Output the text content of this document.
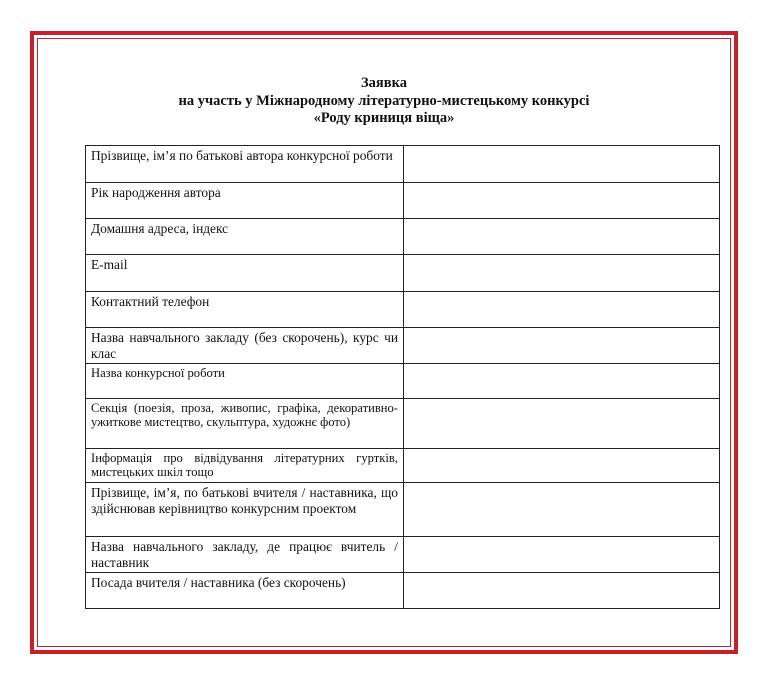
Заявка
на участь у Міжнародному літературно-мистецькому конкурсі
«Роду криниця віща»
Прізвище, ім’я по батькові автора конкурсної роботи	
Рік народження автора	
Домашня адреса, індекс	
E-mail	
Контактний телефон	
Назва навчального закладу (без скорочень), курс чи клас	
Назва конкурсної роботи	
Секція (поезія, проза, живопис, графіка, декоративно-ужиткове мистецтво, скульптура, художнє фото)	
Інформація про відвідування літературних гуртків, мистецьких шкіл тощо	
Прізвище, ім’я, по батькові вчителя / наставника, що здійснював керівництво конкурсним проектом	
Назва навчального закладу, де працює вчитель / наставник	
Посада вчителя / наставника (без скорочень)	
